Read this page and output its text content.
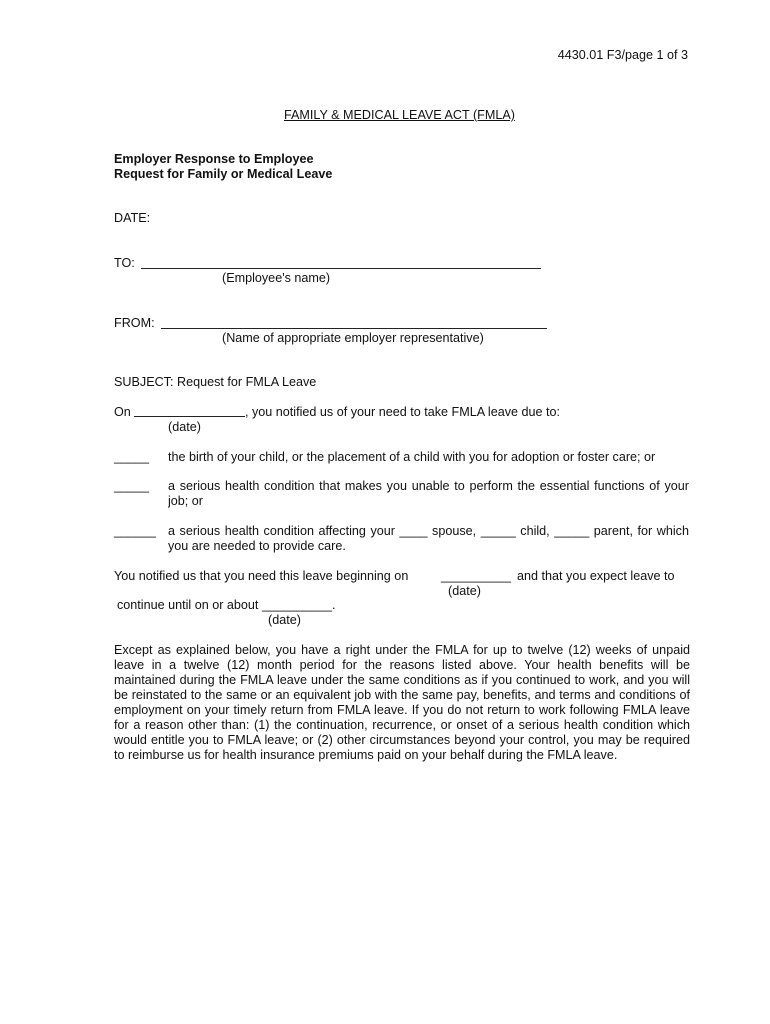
4430.01 F3/page 1 of 3
FAMILY & MEDICAL LEAVE ACT (FMLA)
Employer Response to Employee
Request for Family or Medical Leave
DATE:
TO:
(Employee's name)
FROM:
(Name of appropriate employer representative)
SUBJECT: Request for FMLA Leave
On	, you notified us of your need to take FMLA leave due to:
(date)
_____ the birth of your child, or the placement of a child with you for adoption or foster care; or
_____ a serious health condition that makes you unable to perform the essential functions of your
job; or
______ a serious health condition affecting your ____ spouse, _____ child, _____ parent, for which
you are needed to provide care.
You notified us that you need this leave beginning on	__________ and that you expect leave to
(date)
continue until on or about __________.
(date)
Except as explained below, you have a right under the FMLA for up to twelve (12) weeks of unpaid
leave in a twelve (12) month period for the reasons listed above. Your health benefits will be
maintained during the FMLA leave under the same conditions as if you continued to work, and you will
be reinstated to the same or an equivalent job with the same pay, benefits, and terms and conditions of
employment on your timely return from FMLA leave. If you do not return to work following FMLA leave
for a reason other than: (1) the continuation, recurrence, or onset of a serious health condition which
would entitle you to FMLA leave; or (2) other circumstances beyond your control, you may be required
to reimburse us for health insurance premiums paid on your behalf during the FMLA leave.
